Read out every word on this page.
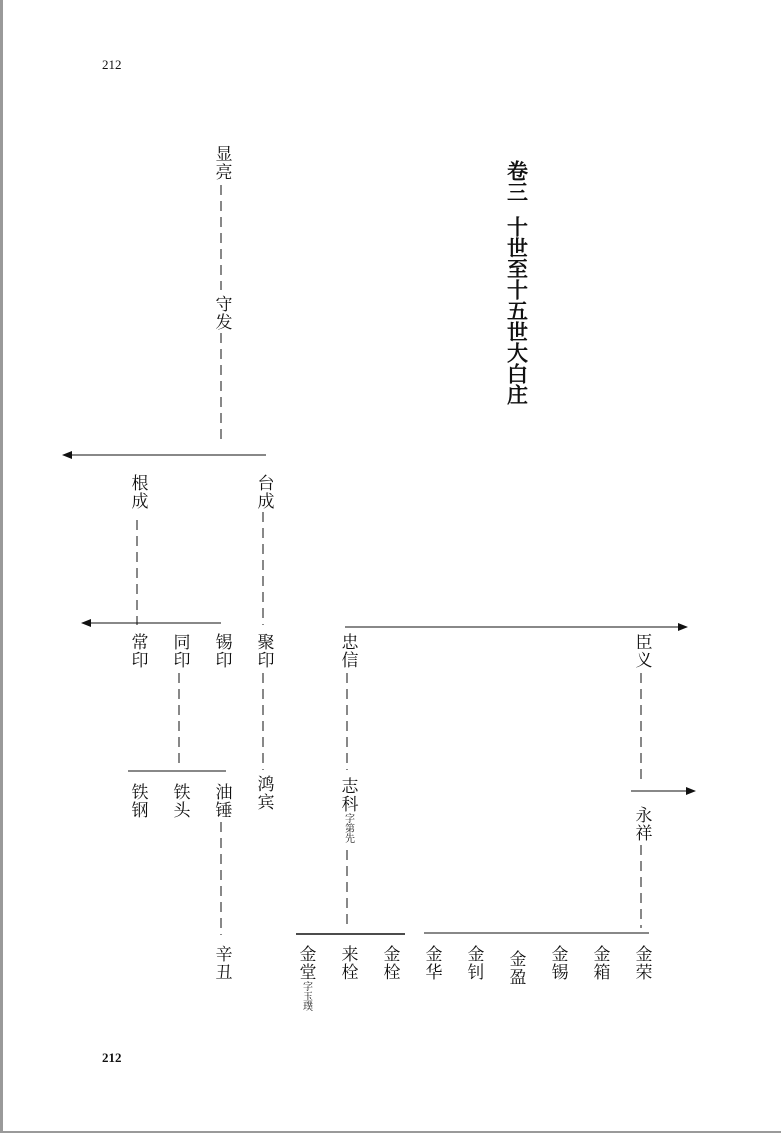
212
212
卷三十世至十五世大白庄
显亮
守发
根成	台成
常印 同印 锡印 聚印	忠信	臣义
铁钢 铁头 油锤 鸿宾	志科字第先	永祥
辛丑	金堂字玉璞
来栓 金栓 金华 金钊 金盈 金锡 金箱 金荣
